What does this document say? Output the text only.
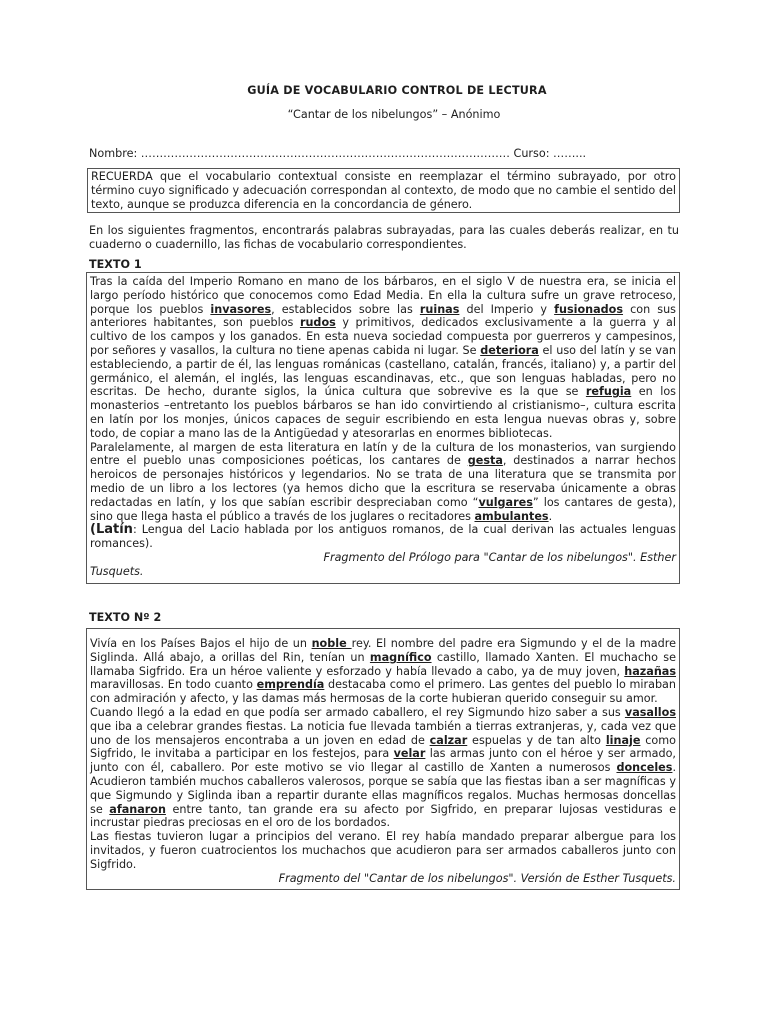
GUÍA DE VOCABULARIO CONTROL DE LECTURA
“Cantar de los nibelungos” – Anónimo
Nombre: ……………………………………………………………………………………… Curso: ……...
RECUERDA que el vocabulario contextual consiste en reemplazar el término subrayado, por otro término cuyo significado y adecuación correspondan al contexto, de modo que no cambie el sentido del texto, aunque se produzca diferencia en la concordancia de género.
En los siguientes fragmentos, encontrarás palabras subrayadas, para las cuales deberás realizar, en tu cuaderno o cuadernillo, las fichas de vocabulario correspondientes.
TEXTO 1

Tras la caída del Imperio Romano en mano de los bárbaros, en el siglo V de nuestra era, se inicia el largo período histórico que conocemos como Edad Media. En ella la cultura sufre un grave retroceso, porque los pueblos invasores, establecidos sobre las ruinas del Imperio y fusionados con sus anteriores habitantes, son pueblos rudos y primitivos, dedicados exclusivamente a la guerra y al cultivo de los campos y los ganados. En esta nueva sociedad compuesta por guerreros y campesinos, por señores y vasallos, la cultura no tiene apenas cabida ni lugar. Se deteriora el uso del latín y se van estableciendo, a partir de él, las lenguas románicas (castellano, catalán, francés, italiano) y, a partir del germánico, el alemán, el inglés, las lenguas escandinavas, etc., que son lenguas habladas, pero no escritas. De hecho, durante siglos, la única cultura que sobrevive es la que se refugia en los monasterios –entretanto los pueblos bárbaros se han ido convirtiendo al cristianismo–, cultura escrita en latín por los monjes, únicos capaces de seguir escribiendo en esta lengua nuevas obras y, sobre todo, de copiar a mano las de la Antigüedad y atesorarlas en enormes bibliotecas.

Paralelamente, al margen de esta literatura en latín y de la cultura de los monasterios, van surgiendo entre el pueblo unas composiciones poéticas, los cantares de gesta, destinados a narrar hechos heroicos de personajes históricos y legendarios. No se trata de una literatura que se transmita por medio de un libro a los lectores (ya hemos dicho que la escritura se reservaba únicamente a obras redactadas en latín, y los que sabían escribir despreciaban como “vulgares” los cantares de gesta), sino que llega hasta el público a través de los juglares o recitadores ambulantes.

(Latín: Lengua del Lacio hablada por los antiguos romanos, de la cual derivan las actuales lenguas romances).

Fragmento del Prólogo para "Cantar de los nibelungos". Esther

Tusquets.

TEXTO Nº 2

Vivía en los Países Bajos el hijo de un noble rey. El nombre del padre era Sigmundo y el de la madre Siglinda. Allá abajo, a orillas del Rin, tenían un magnífico castillo, llamado Xanten. El muchacho se llamaba Sigfrido. Era un héroe valiente y esforzado y había llevado a cabo, ya de muy joven, hazañas maravillosas. En todo cuanto emprendía destacaba como el primero. Las gentes del pueblo lo miraban con admiración y afecto, y las damas más hermosas de la corte hubieran querido conseguir su amor.

Cuando llegó a la edad en que podía ser armado caballero, el rey Sigmundo hizo saber a sus vasallos que iba a celebrar grandes fiestas. La noticia fue llevada también a tierras extranjeras, y, cada vez que uno de los mensajeros encontraba a un joven en edad de calzar espuelas y de tan alto linaje como Sigfrido, le invitaba a participar en los festejos, para velar las armas junto con el héroe y ser armado, junto con él, caballero. Por este motivo se vio llegar al castillo de Xanten a numerosos donceles. Acudieron también muchos caballeros valerosos, porque se sabía que las fiestas iban a ser magníficas y que Sigmundo y Siglinda iban a repartir durante ellas magníficos regalos. Muchas hermosas doncellas se afanaron entre tanto, tan grande era su afecto por Sigfrido, en preparar lujosas vestiduras e incrustar piedras preciosas en el oro de los bordados.

Las fiestas tuvieron lugar a principios del verano. El rey había mandado preparar albergue para los invitados, y fueron cuatrocientos los muchachos que acudieron para ser armados caballeros junto con Sigfrido.

Fragmento del "Cantar de los nibelungos". Versión de Esther Tusquets.
